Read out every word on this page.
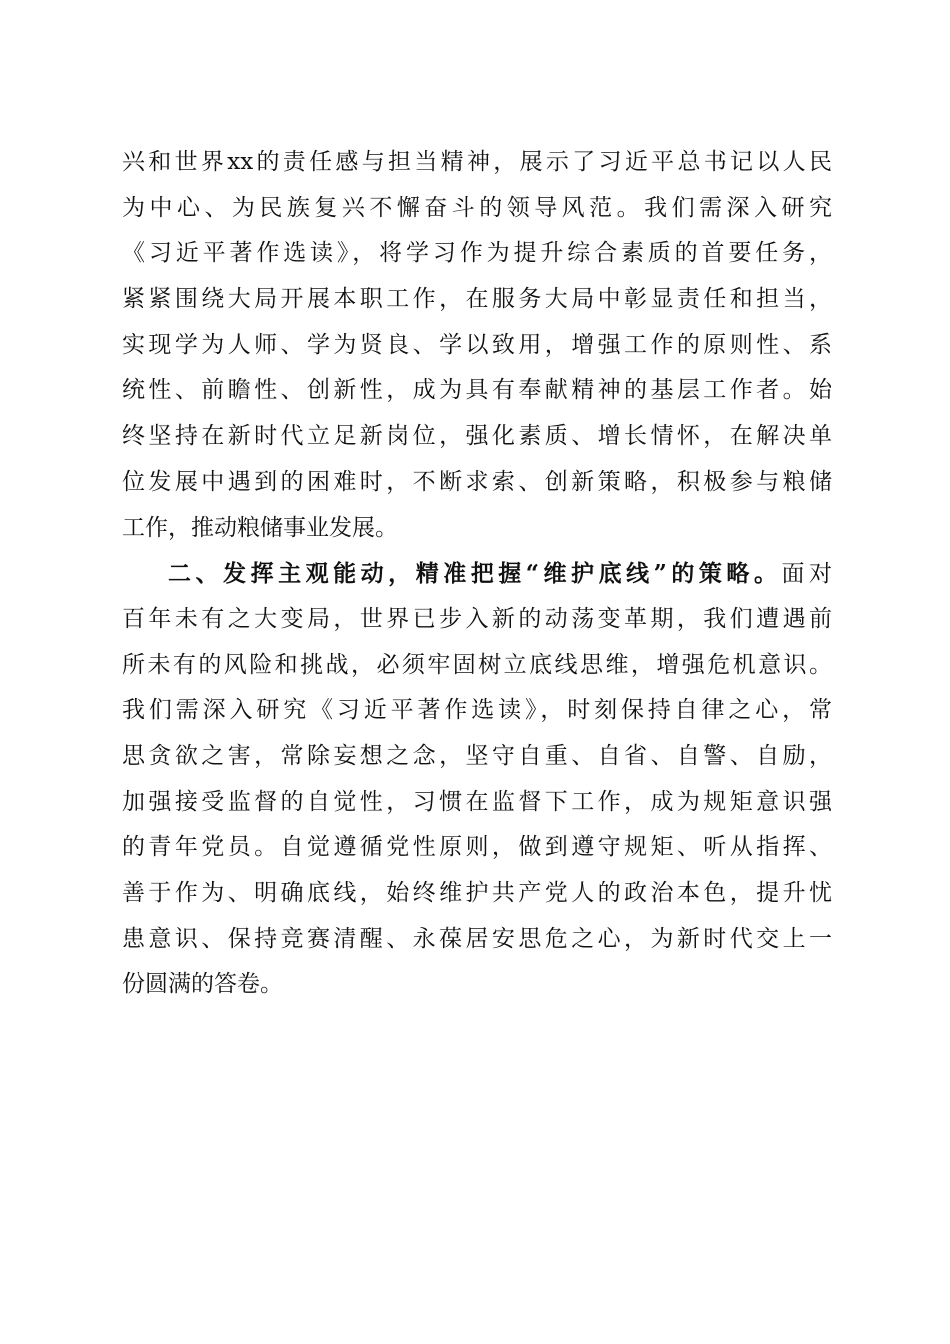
兴和世界xx的责任感与担当精神，展示了习近平总书记以人民
为中心、为民族复兴不懈奋斗的领导风范。我们需深入研究
《习近平著作选读》，将学习作为提升综合素质的首要任务，
紧紧围绕大局开展本职工作，在服务大局中彰显责任和担当，
实现学为人师、学为贤良、学以致用，增强工作的原则性、系
统性、前瞻性、创新性，成为具有奉献精神的基层工作者。始
终坚持在新时代立足新岗位，强化素质、增长情怀，在解决单
位发展中遇到的困难时，不断求索、创新策略，积极参与粮储
工作，推动粮储事业发展。
二、发挥主观能动，精准把握“维护底线”的策略。面对
百年未有之大变局，世界已步入新的动荡变革期，我们遭遇前
所未有的风险和挑战，必须牢固树立底线思维，增强危机意识。
我们需深入研究《习近平著作选读》，时刻保持自律之心，常
思贪欲之害，常除妄想之念，坚守自重、自省、自警、自励，
加强接受监督的自觉性，习惯在监督下工作，成为规矩意识强
的青年党员。自觉遵循党性原则，做到遵守规矩、听从指挥、
善于作为、明确底线，始终维护共产党人的政治本色，提升忧
患意识、保持竞赛清醒、永葆居安思危之心，为新时代交上一
份圆满的答卷。
